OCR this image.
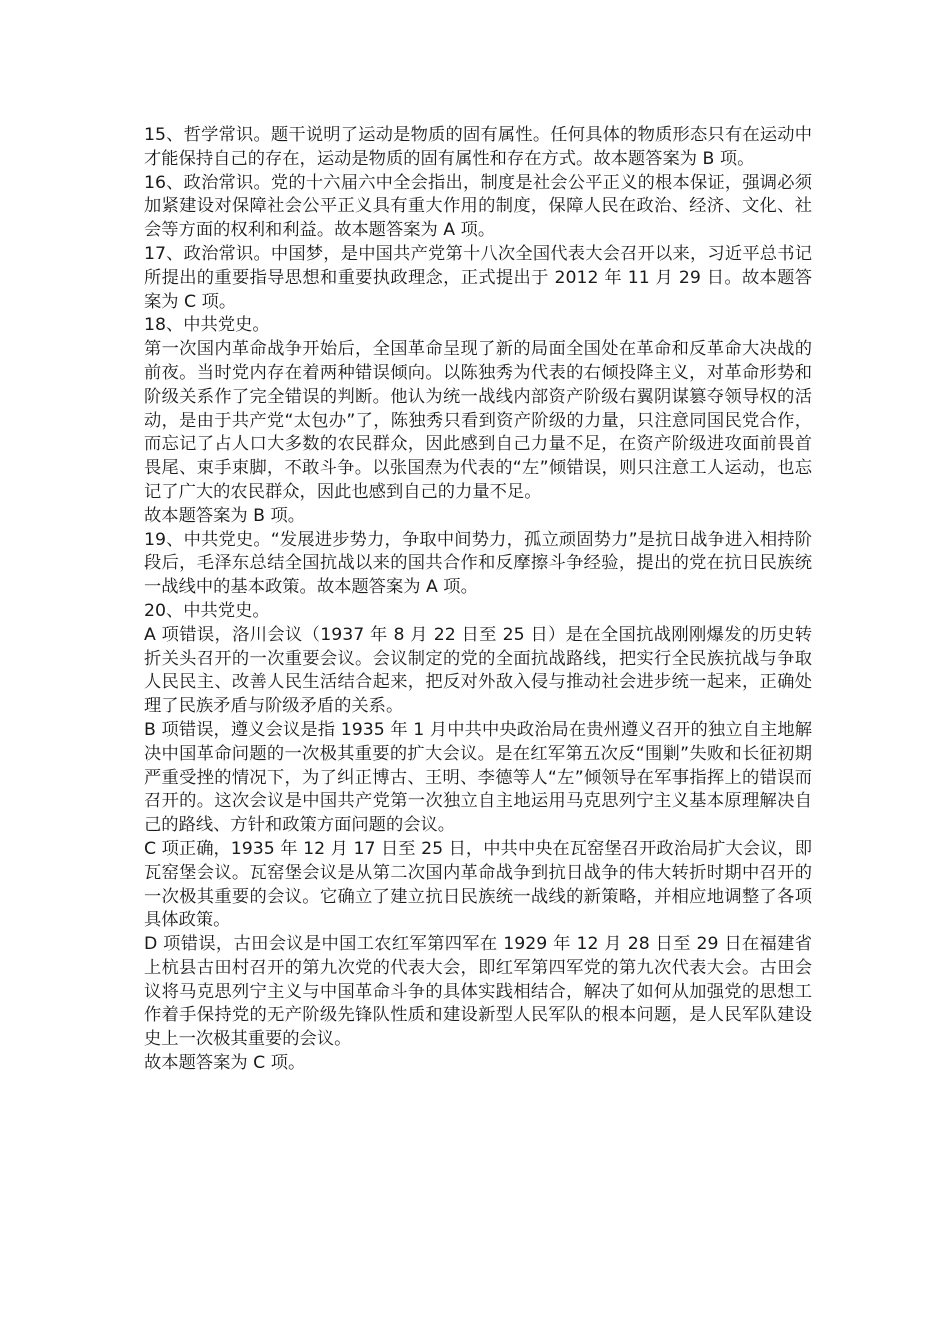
15、哲学常识。题干说明了运动是物质的固有属性。任何具体的物质形态只有在运动中才能保持自己的存在，运动是物质的固有属性和存在方式。故本题答案为 B 项。

16、政治常识。党的十六届六中全会指出，制度是社会公平正义的根本保证，强调必须加紧建设对保障社会公平正义具有重大作用的制度，保障人民在政治、经济、文化、社会等方面的权利和利益。故本题答案为 A 项。

17、政治常识。中国梦，是中国共产党第十八次全国代表大会召开以来，习近平总书记所提出的重要指导思想和重要执政理念，正式提出于 2012 年 11 月 29 日。故本题答案为 C 项。

18、中共党史。

第一次国内革命战争开始后，全国革命呈现了新的局面全国处在革命和反革命大决战的前夜。当时党内存在着两种错误倾向。以陈独秀为代表的右倾投降主义，对革命形势和阶级关系作了完全错误的判断。他认为统一战线内部资产阶级右翼阴谋篡夺领导权的活动，是由于共产党“太包办”了，陈独秀只看到资产阶级的力量，只注意同国民党合作，而忘记了占人口大多数的农民群众，因此感到自己力量不足，在资产阶级进攻面前畏首畏尾、束手束脚，不敢斗争。以张国焘为代表的“左”倾错误，则只注意工人运动，也忘记了广大的农民群众，因此也感到自己的力量不足。

故本题答案为 B 项。

19、中共党史。“发展进步势力，争取中间势力，孤立顽固势力”是抗日战争进入相持阶段后，毛泽东总结全国抗战以来的国共合作和反摩擦斗争经验，提出的党在抗日民族统一战线中的基本政策。故本题答案为 A 项。

20、中共党史。

A 项错误，洛川会议（1937 年 8 月 22 日至 25 日）是在全国抗战刚刚爆发的历史转折关头召开的一次重要会议。会议制定的党的全面抗战路线，把实行全民族抗战与争取人民民主、改善人民生活结合起来，把反对外敌入侵与推动社会进步统一起来，正确处理了民族矛盾与阶级矛盾的关系。

B 项错误，遵义会议是指 1935 年 1 月中共中央政治局在贵州遵义召开的独立自主地解决中国革命问题的一次极其重要的扩大会议。是在红军第五次反“围剿”失败和长征初期严重受挫的情况下，为了纠正博古、王明、李德等人“左”倾领导在军事指挥上的错误而召开的。这次会议是中国共产党第一次独立自主地运用马克思列宁主义基本原理解决自己的路线、方针和政策方面问题的会议。

C 项正确，1935 年 12 月 17 日至 25 日，中共中央在瓦窑堡召开政治局扩大会议，即瓦窑堡会议。瓦窑堡会议是从第二次国内革命战争到抗日战争的伟大转折时期中召开的一次极其重要的会议。它确立了建立抗日民族统一战线的新策略，并相应地调整了各项具体政策。

D 项错误，古田会议是中国工农红军第四军在 1929 年 12 月 28 日至 29 日在福建省上杭县古田村召开的第九次党的代表大会，即红军第四军党的第九次代表大会。古田会议将马克思列宁主义与中国革命斗争的具体实践相结合，解决了如何从加强党的思想工作着手保持党的无产阶级先锋队性质和建设新型人民军队的根本问题，是人民军队建设史上一次极其重要的会议。

故本题答案为 C 项。
